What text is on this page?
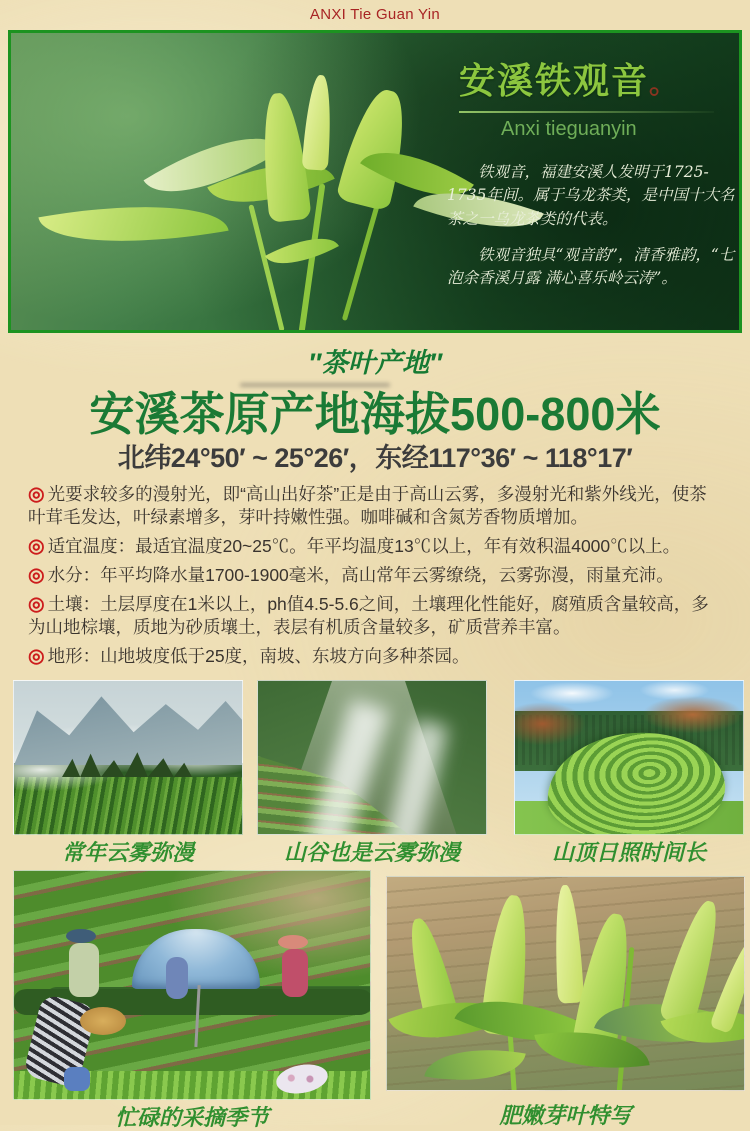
ANXI Tie Guan Yin
安溪铁观音。
Anxi tieguanyin

铁观音，福建安溪人发明于1725-1735年间。属于乌龙茶类，是中国十大名茶之一乌龙茶类的代表。

铁观音独具“观音韵”，清香雅韵，“七泡余香溪月露 满心喜乐岭云涛”。

″茶叶产地″
安溪茶原产地海拔500-800米
北纬24°50′ ~ 25°26′，东经117°36′ ~ 118°17′
◎ 光要求较多的漫射光，即“高山出好茶”正是由于高山云雾，多漫射光和紫外线光，使茶叶茸毛发达，叶绿素增多，芽叶持嫩性强。咖啡碱和含氮芳香物质增加。
◎ 适宜温度：最适宜温度20~25℃。年平均温度13℃以上，年有效积温4000℃以上。
◎ 水分：年平均降水量1700-1900毫米，高山常年云雾缭绕，云雾弥漫，雨量充沛。
◎ 土壤：土层厚度在1米以上，ph值4.5-5.6之间，土壤理化性能好，腐殖质含量较高，多为山地棕壤，质地为砂质壤土，表层有机质含量较多，矿质营养丰富。
◎ 地形：山地坡度低于25度，南坡、东坡方向多种茶园。
常年云雾弥漫	山谷也是云雾弥漫	山顶日照时间长
忙碌的采摘季节	肥嫩芽叶特写
